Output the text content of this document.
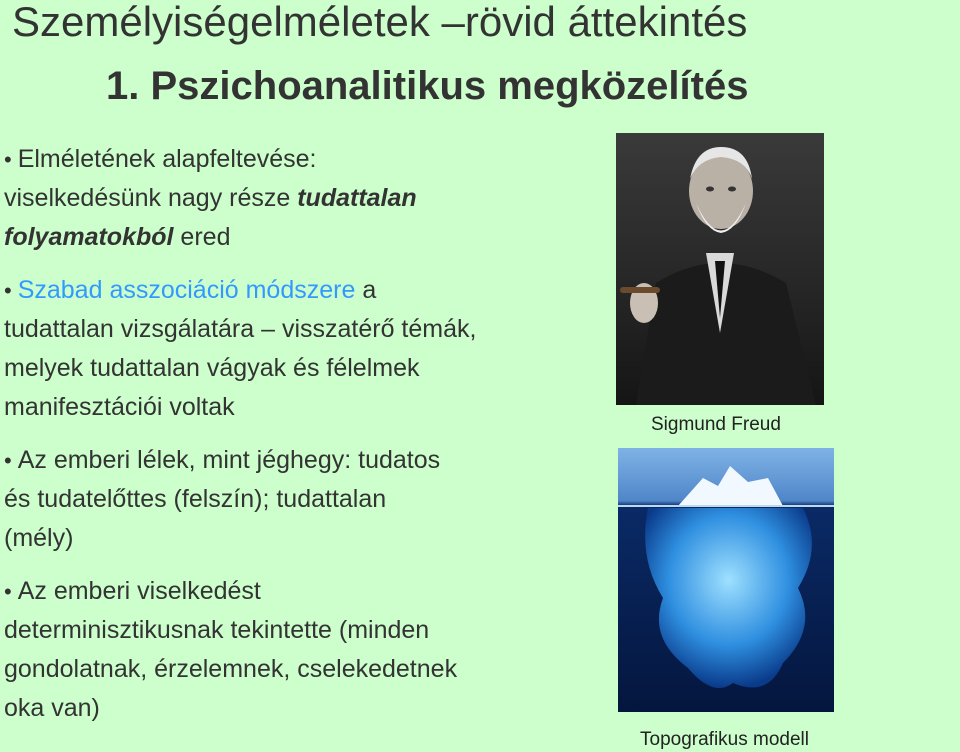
Személyiségelméletek –rövid áttekintés
1. Pszichoanalitikus megközelítés
• Elméletének alapfeltevése: viselkedésünk nagy része tudattalan folyamatokból ered
• Szabad asszociáció módszere a tudattalan vizsgálatára – visszatérő témák, melyek tudattalan vágyak és félelmek manifesztációi voltak
• Az emberi lélek, mint jéghegy: tudatos és tudatelőttes (felszín); tudattalan (mély)
• Az emberi viselkedést determinisztikusnak tekintette (minden gondolatnak, érzelemnek, cselekedetnek oka van)
Sigmund Freud
Topografikus modell
